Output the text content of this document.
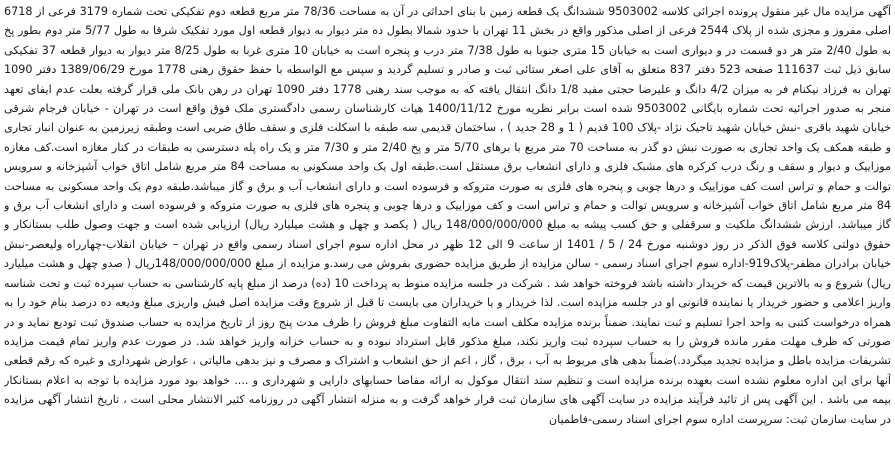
آگهی مزایده مال غیر منقول پرونده اجرائی کلاسه 9503002 ششدانگ یک قطعه زمین با بنای احداثی در آن به مساحت 78/36 متر مربع قطعه دوم تفکیکی تحت شماره 3179 فرعی از 6718 اصلی مفروز و مجزی شده از پلاک 2544 فرعی از اصلی مذکور واقع در بخش 11 تهران با حدود شمالا بطول ده متر دیوار به دیوار قطعه اول مورد تفکیک شرقا به طول 5/77 متر دوم بطور پخ به طول 2/40 متر هر دو قسمت در و دیواری است به خیابان 15 متری جنوبا به طول 7/38 متر درب و پنجره است به خیابان 10 متری غربا به طول 8/25 متر دیوار به دیوار قطعه 37 تفکیکی سابق ذیل ثبت 111637 صفحه 523 دفتر 837 متعلق به آقای علی اصغر ستائی ثبت و صادر و تسلیم گردید و سپس مع الواسطه با حفظ حقوق رهنی 1778 مورخ 1389/06/29 دفتر 1090 تهران به فرزاد نیکنام فر به میزان 4/2 دانگ و علیرضا حجتی مفید 1/8 دانگ انتقال یافته که به موجب سند رهنی 1778 دفتر 1090 تهران در رهن بانک ملی قرار گرفته بعلت عدم ایفای تعهد منجر به صدور اجرائیه تحت شماره بایگانی 9503002 شده است برابر نظریه مورخ 1400/11/12 هیات کارشناسان رسمی دادگستری ملک فوق واقع است در تهران - خیابان فرجام شرقی خیابان شهید باقری -نبش خیابان شهید تاجیک نژاد -پلاک 100 قدیم ( 1 و 28 جدید ) ، ساختمان قدیمی سه طبقه با اسکلت فلزی و سقف طاق ضربی است وطبقه زیرزمین به عنوان انبار تجاری و طبقه همکف یک واحد تجاری به صورت نبش دو گذر به مساحت 70 متر مربع با برهای 5/70 متر و پخ 2/40 متر و 7/30 متر و یک راه پله دسترسی به طبقات در کنار مغازه است.کف مغازه موزاییک و دیوار و سقف و رنگ درب کرکره های مشبک فلزی و دارای انشعاب برق مستقل است.طبقه اول یک واحد مسکونی به مساحت 84 متر مربع شامل اتاق خواب آشپزخانه و سرویس توالت و حمام و تراس است کف موزاییک و درها چوبی و پنجره های فلزی به صورت متروکه و فرسوده است و دارای انشعاب آب و برق و گاز میباشد.طبقه دوم یک واحد مسکونی به مساحت 84 متر مربع شامل اتاق خواب آشپزخانه و سرویس توالت و حمام و تراس است و کف موزاییک و درها چوبی و پنجره های فلزی به صورت متروکه و فرسوده است و دارای انشعاب آب برق و گاز میباشد. ارزش ششدانگ ملکیت و سرقفلی و حق کسب پیشه به مبلغ 148/000/000/000 ریال ( یکصد و چهل و هشت میلیارد ریال) ارزیابی شده است و جهت وصول طلب بستانکار و حقوق دولتی کلاسه فوق الذکر در روز دوشنبه مورخ 24 / 5 / 1401 از ساعت 9 الی 12 ظهر در محل اداره سوم اجرای اسناد رسمی واقع در تهران – خیابان انقلاب-چهارراه ولیعصر-نبش خیابان برادران مظفر-پلاک919-اداره سوم اجرای اسناد رسمی - سالن مزایده از طریق مزایده حضوری بفروش می رسد.و مزایده از مبلغ 148/000/000/000ریال ( صدو چهل و هشت میلیارد ریال) شروع و به بالاترین قیمت که خریدار داشته باشد فروخته خواهد شد . شرکت در جلسه مزایده منوط به پرداخت 10 (ده) درصد از مبلغ پایه کارشناسی به حساب سپرده ثبت و تحت شناسه واریز اعلامی و حضور خریدار یا نماینده قانونی او در جلسه مزایده است. لذا خریدار و یا خریداران می بایست تا قبل از شروع وقت مزایده اصل فیش واریزی مبلغ ودیعه ده درصد بنام خود را به همراه درخواست کتبی به واحد اجرا تسلیم و ثبت نمایند. ضمناً برنده مزایده مکلف است مابه التفاوت مبلغ فروش را ظرف مدت پنج روز از تاریخ مزایده به حساب صندوق ثبت تودیع نماید و در صورتی که ظرف مهلت مقرر مانده فروش را به حساب سپرده ثبت واریز نکند، مبلغ مذکور قابل استرداد نبوده و به حساب خزانه واریز خواهد شد. در صورت عدم واریز تمام قیمت مزایده تشریفات مزایده باطل و مزایده تجدید میگردد.)ضمناً بدهی های مربوط به آب ، برق ، گاز ، اعم از حق انشعاب و اشتراک و مصرف و نیز بدهی مالیاتی ، عوارض شهرداری و غیره که رقم قطعی آنها برای این اداره معلوم نشده است بعهده برنده مزایده است و تنظیم سند انتقال موکول به ارائه مفاصا حسابهای دارایی و شهرداری و .... خواهد بود مورد مزایده با توجه به اعلام بستانکار بیمه می باشد . این آگهی پس از تائید فرآیند مزایده در سایت آگهی های سازمان ثبت قرار خواهد گرفت و به منزله انتشار آگهی در روزنامه کثیر الانتشار محلی است ، تاریخ انتشار آگهی مزایده در سایت سازمان ثبت: سرپرست اداره سوم اجرای اسناد رسمی-فاطمیان
